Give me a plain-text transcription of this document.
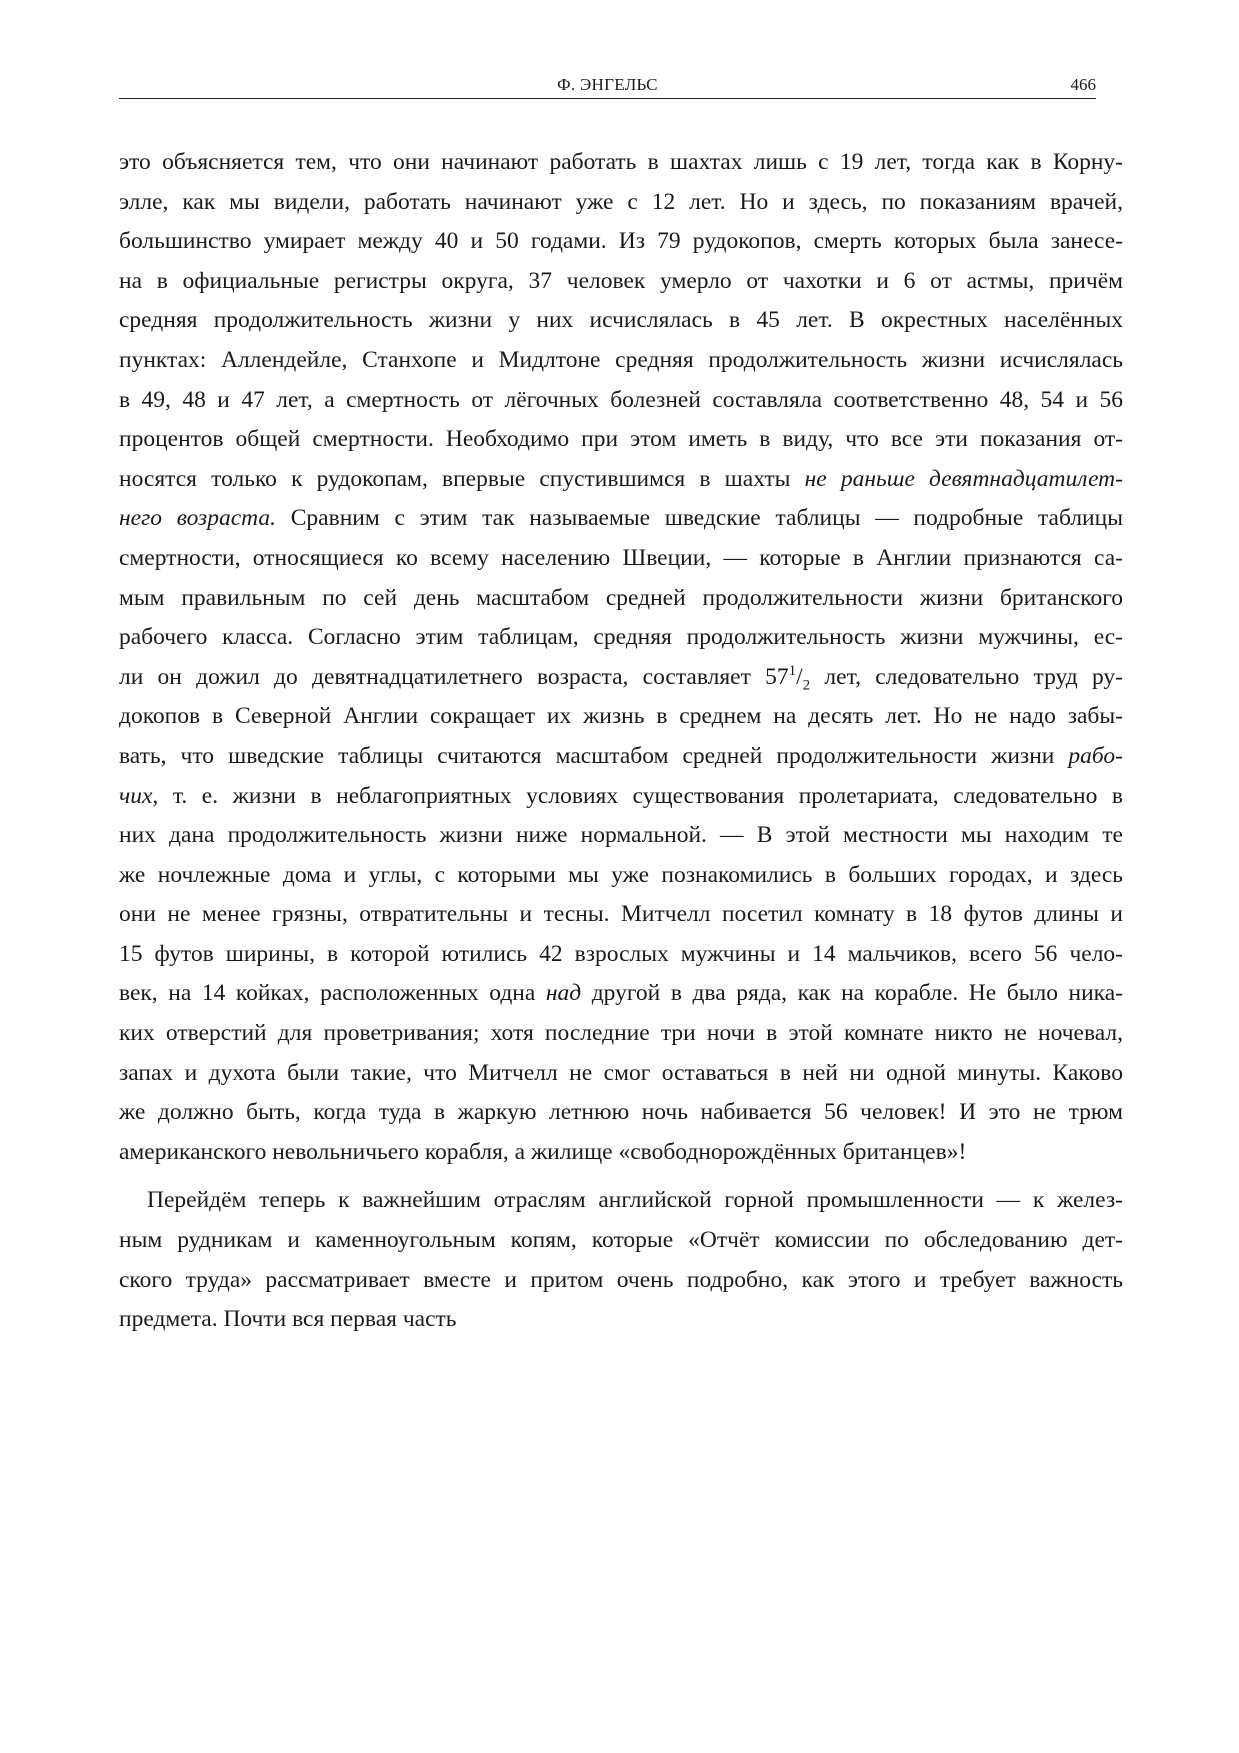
Ф. ЭНГЕЛЬС	466
это объясняется тем, что они начинают работать в шахтах лишь с 19 лет, тогда как в Корну-
элле, как мы видели, работать начинают уже с 12 лет. Но и здесь, по показаниям врачей,
большинство умирает между 40 и 50 годами. Из 79 рудокопов, смерть которых была занесе-
на в официальные регистры округа, 37 человек умерло от чахотки и 6 от астмы, причём
средняя продолжительность жизни у них исчислялась в 45 лет. В окрестных населённых
пунктах: Аллендейле, Станхопе и Мидлтоне средняя продолжительность жизни исчислялась
в 49, 48 и 47 лет, а смертность от лёгочных болезней составляла соответственно 48, 54 и 56
процентов общей смертности. Необходимо при этом иметь в виду, что все эти показания от-
носятся только к рудокопам, впервые спустившимся в шахты не раньше девятнадцатилет-
него возраста. Сравним с этим так называемые шведские таблицы — подробные таблицы
смертности, относящиеся ко всему населению Швеции, — которые в Англии признаются са-
мым правильным по сей день масштабом средней продолжительности жизни британского
рабочего класса. Согласно этим таблицам, средняя продолжительность жизни мужчины, ес-
ли он дожил до девятнадцатилетнего возраста, составляет $57^1/_2$ лет, следовательно труд ру-
докопов в Северной Англии сокращает их жизнь в среднем на десять лет. Но не надо забы-
вать, что шведские таблицы считаются масштабом средней продолжительности жизни рабо-
чих, т. е. жизни в неблагоприятных условиях существования пролетариата, следовательно в
них дана продолжительность жизни ниже нормальной. — В этой местности мы находим те
же ночлежные дома и углы, с которыми мы уже познакомились в больших городах, и здесь
они не менее грязны, отвратительны и тесны. Митчелл посетил комнату в 18 футов длины и
15 футов ширины, в которой ютились 42 взрослых мужчины и 14 мальчиков, всего 56 чело-
век, на 14 койках, расположенных одна над другой в два ряда, как на корабле. Не было ника-
ких отверстий для проветривания; хотя последние три ночи в этой комнате никто не ночевал,
запах и духота были такие, что Митчелл не смог оставаться в ней ни одной минуты. Каково
же должно быть, когда туда в жаркую летнюю ночь набивается 56 человек! И это не трюм
американского невольничьего корабля, а жилище «свободнорождённых британцев»!
Перейдём теперь к важнейшим отраслям английской горной промышленности — к желез-
ным рудникам и каменноугольным копям, которые «Отчёт комиссии по обследованию дет-
ского труда» рассматривает вместе и притом очень подробно, как этого и требует важность
предмета. Почти вся первая часть
